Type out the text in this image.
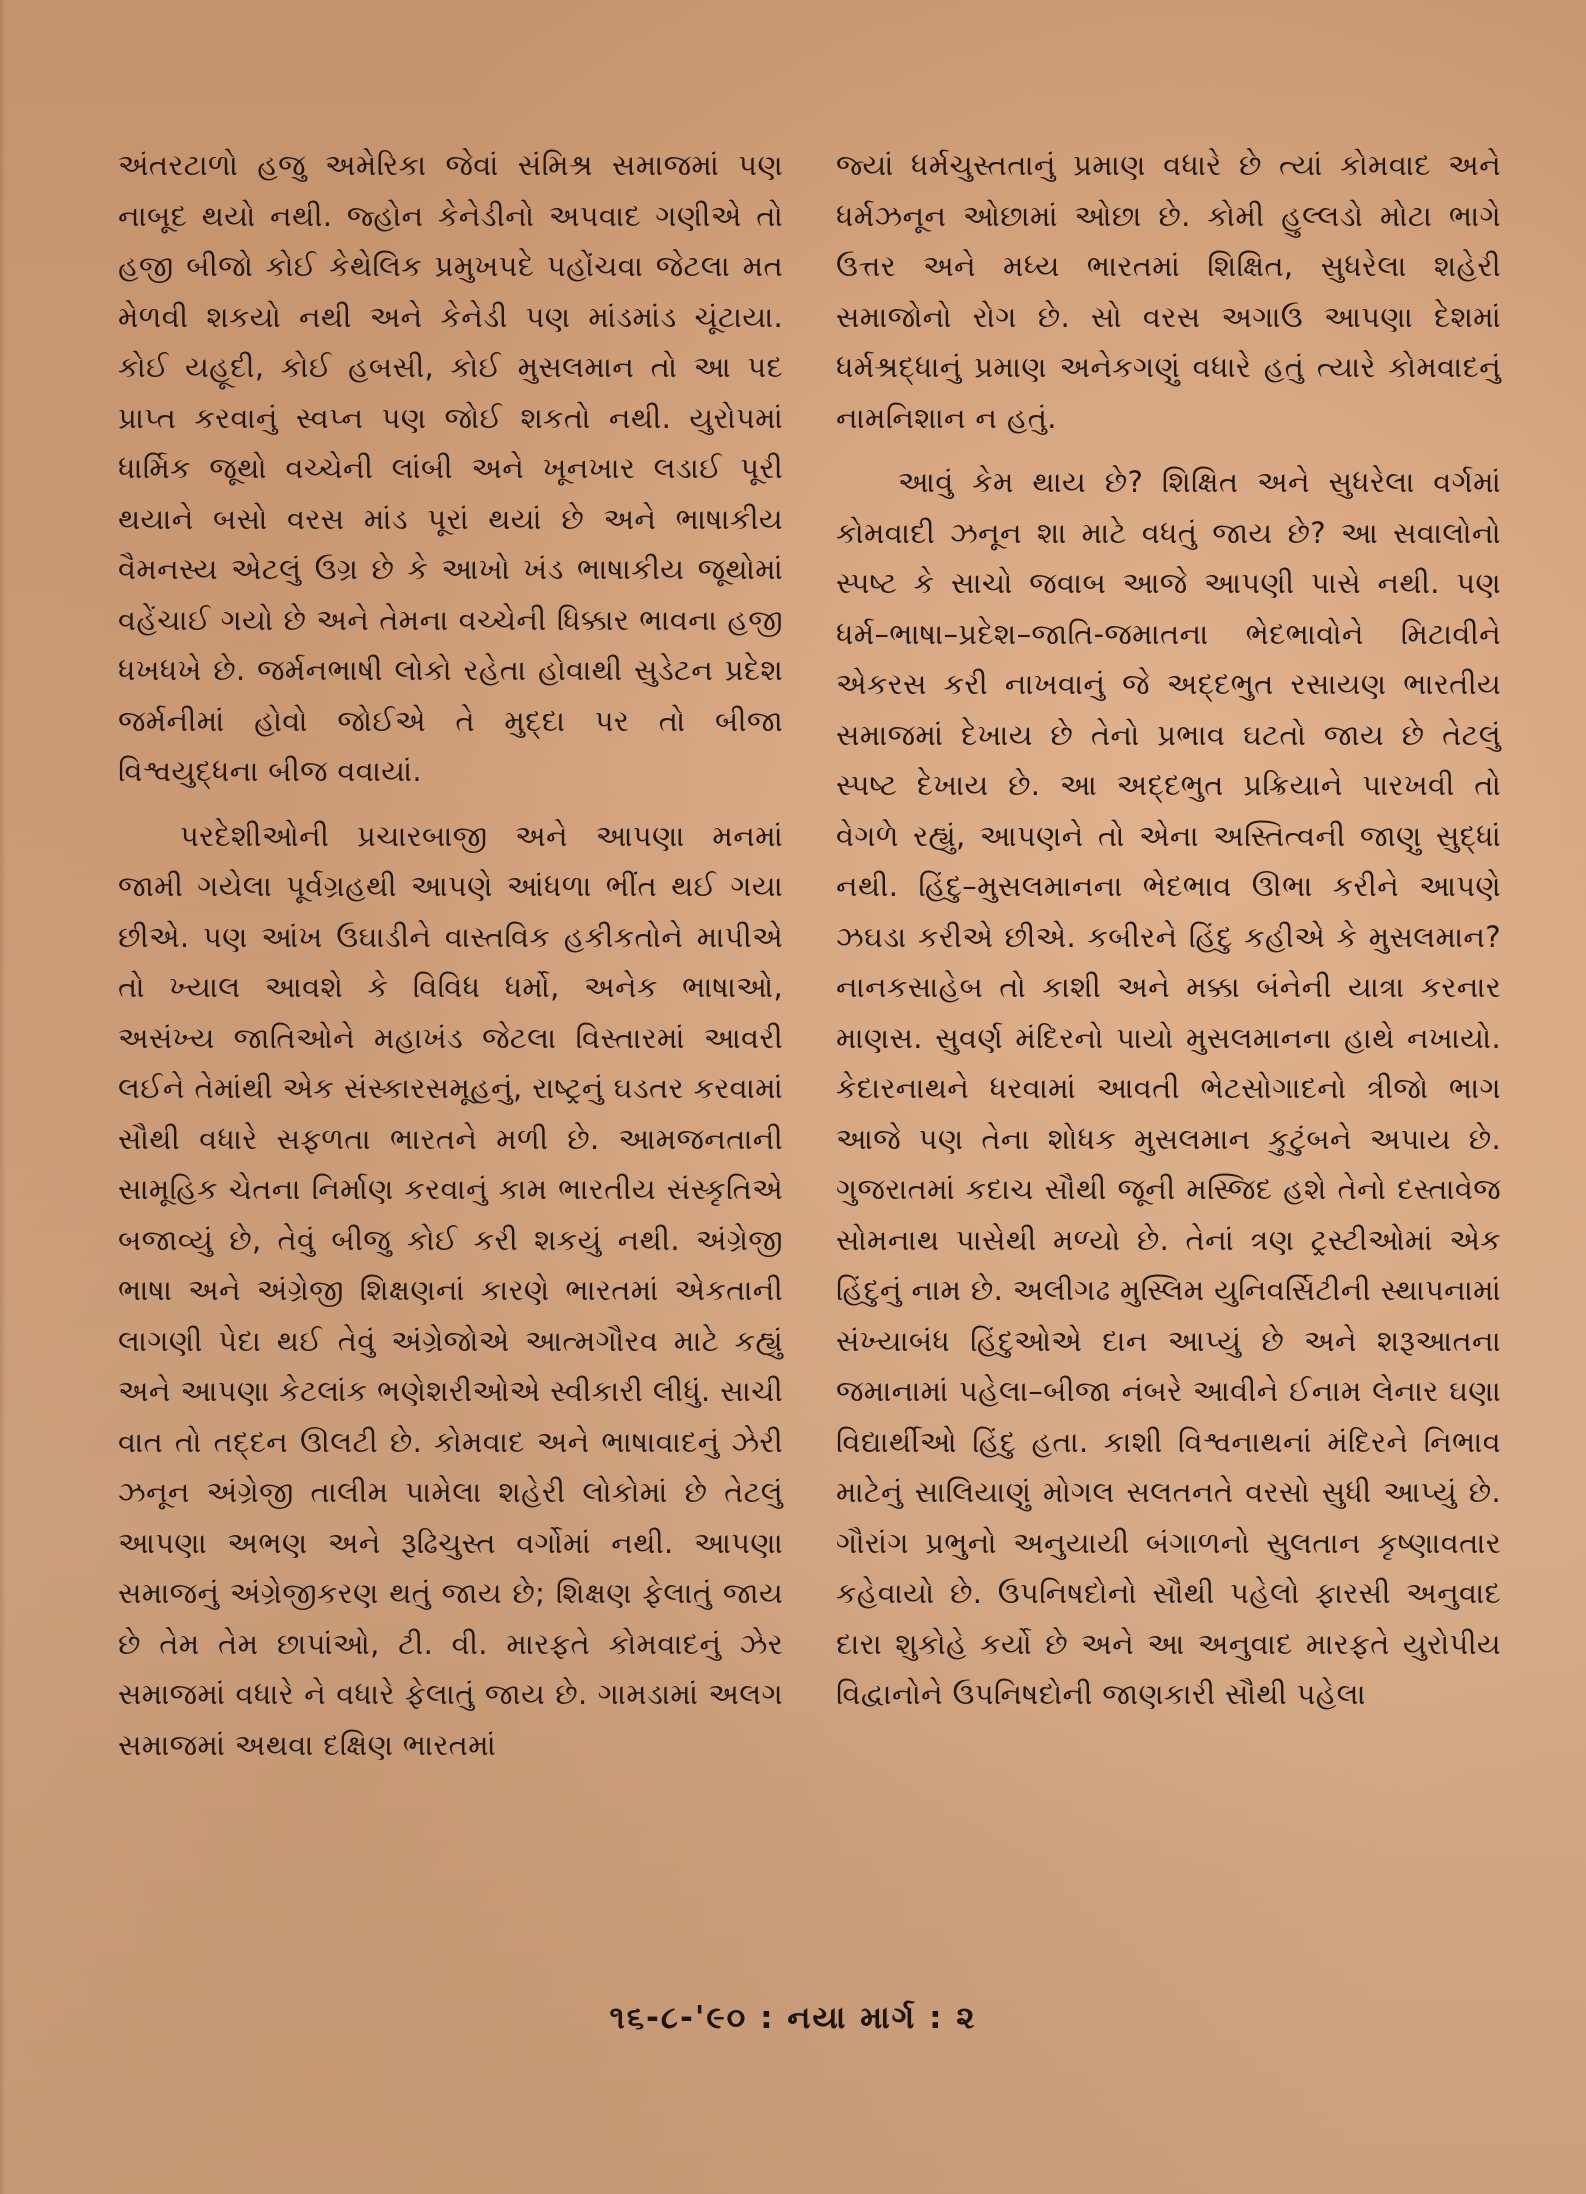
અંતરટાળો હજુ અમેરિકા જેવાં સંમિશ્ર સમાજમાં પણ નાબૂદ થયો નથી. જ્હોન કેનેડીનો અપવાદ ગણીએ તો હજી બીજો કોઈ કેથેલિક પ્રમુખપદે પહોંચવા જેટલા મત મેળવી શકયો નથી અને કેનેડી પણ માંડમાંડ ચૂંટાયા. કોઈ યહૂદી, કોઈ હબસી, કોઈ મુસલમાન તો આ પદ પ્રાપ્ત કરવાનું સ્વપ્ન પણ જોઈ શકતો નથી. યુરોપમાં ધાર્મિક જૂથો વચ્ચેની લાંબી અને ખૂનખાર લડાઈ પૂરી થયાને બસો વરસ માંડ પૂરાં થયાં છે અને ભાષાકીય વૈમનસ્ય એટલું ઉગ્ર છે કે આખો ખંડ ભાષાકીય જૂથોમાં વહેંચાઈ ગયો છે અને તેમના વચ્ચેની ધિક્કાર ભાવના હજી ધખધખે છે. જર્મનભાષી લોકો રહેતા હોવાથી સુડેટન પ્રદેશ જર્મનીમાં હોવો જોઈએ તે મુદ્દા પર તો બીજા વિશ્વયુદ્ધના બીજ વવાયાં.

પરદેશીઓની પ્રચારબાજી અને આપણા મનમાં જામી ગયેલા પૂર્વગ્રહથી આપણે આંધળા ભીંત થઈ ગયા છીએ. પણ આંખ ઉઘાડીને વાસ્તવિક હકીકતોને માપીએ તો ખ્યાલ આવશે કે વિવિધ ધર્મો, અનેક ભાષાઓ, અસંખ્ય જાતિઓને મહાખંડ જેટલા વિસ્તારમાં આવરી લઈને તેમાંથી એક સંસ્કારસમૂહનું, રાષ્ટ્રનું ઘડતર કરવામાં સૌથી વધારે સફળતા ભારતને મળી છે. આમજનતાની સામૂહિક ચેતના નિર્માણ કરવાનું કામ ભારતીય સંસ્કૃતિએ બજાવ્યું છે, તેવું બીજુ કોઈ કરી શકયું નથી. અંગ્રેજી ભાષા અને અંગ્રેજી શિક્ષણનાં કારણે ભારતમાં એકતાની લાગણી પેદા થઈ તેવું અંગ્રેજોએ આત્મગૌરવ માટે કહ્યું અને આપણા કેટલાંક ભણેશરીઓએ સ્વીકારી લીધું. સાચી વાત તો તદ્દન ઊલટી છે. કોમવાદ અને ભાષાવાદનું ઝેરી ઝનૂન અંગ્રેજી તાલીમ પામેલા શહેરી લોકોમાં છે તેટલું આપણા અભણ અને રૂઢિચુસ્ત વર્ગોમાં નથી. આપણા સમાજનું અંગ્રેજીકરણ થતું જાય છે; શિક્ષણ ફેલાતું જાય છે તેમ તેમ છાપાંઓ, ટી. વી. મારફતે કોમવાદનું ઝેર સમાજમાં વધારે ને વધારે ફેલાતું જાય છે. ગામડામાં અલગ સમાજમાં અથવા દક્ષિણ ભારતમાં

જ્યાં ધર્મચુસ્તતાનું પ્રમાણ વધારે છે ત્યાં કોમવાદ અને ધર્મઝનૂન ઓછામાં ઓછા છે. કોમી હુલ્લડો મોટા ભાગે ઉત્તર અને મધ્ય ભારતમાં શિક્ષિત, સુધરેલા શહેરી સમાજોનો રોગ છે. સો વરસ અગાઉ આપણા દેશમાં ધર્મશ્રદ્ધાનું પ્રમાણ અનેકગણું વધારે હતું ત્યારે કોમવાદનું નામનિશાન ન હતું.

આવું કેમ થાય છે? શિક્ષિત અને સુધરેલા વર્ગમાં કોમવાદી ઝનૂન શા માટે વધતું જાય છે? આ સવાલોનો સ્પષ્ટ કે સાચો જવાબ આજે આપણી પાસે નથી. પણ ધર્મ–ભાષા–પ્રદેશ–જાતિ-જમાતના ભેદભાવોને મિટાવીને એકરસ કરી નાખવાનું જે અદ્દભુત રસાયણ ભારતીય સમાજમાં દેખાય છે તેનો પ્રભાવ ઘટતો જાય છે તેટલું સ્પષ્ટ દેખાય છે. આ અદ્દભુત પ્રક્રિયાને પારખવી તો વેગળે રહ્યું, આપણને તો એના અસ્તિત્વની જાણુ સુદ્ધાં નથી. હિંદુ–મુસલમાનના ભેદભાવ ઊભા કરીને આપણે ઝઘડા કરીએ છીએ. કબીરને હિંદુ કહીએ કે મુસલમાન? નાનકસાહેબ તો કાશી અને મક્કા બંનેની યાત્રા કરનાર માણસ. સુવર્ણ મંદિરનો પાયો મુસલમાનના હાથે નખાયો. કેદારનાથને ધરવામાં આવતી ભેટસોગાદનો ત્રીજો ભાગ આજે પણ તેના શોધક મુસલમાન કુટુંબને અપાય છે. ગુજરાતમાં કદાચ સૌથી જૂની મસ્જિદ હશે તેનો દસ્તાવેજ સોમનાથ પાસેથી મળ્યો છે. તેનાં ત્રણ ટ્રસ્ટીઓમાં એક હિંદુનું નામ છે. અલીગઢ મુસ્લિમ યુનિવર્સિટીની સ્થાપનામાં સંખ્યાબંધ હિંદુઓએ દાન આપ્યું છે અને શરૂઆતના જમાનામાં પહેલા–બીજા નંબરે આવીને ઈનામ લેનાર ઘણા વિદ્યાર્થીઓ હિંદુ હતા. કાશી વિશ્વનાથનાં મંદિરને નિભાવ માટેનું સાલિયાણું મોગલ સલતનતે વરસો સુધી આપ્યું છે. ગૌરાંગ પ્રભુનો અનુયાયી બંગાળનો સુલતાન કૃષ્ણાવતાર કહેવાયો છે. ઉપનિષદોનો સૌથી પહેલો ફારસી અનુવાદ દારા શુકોહે કર્યો છે અને આ અનુવાદ મારફતે યુરોપીય વિદ્વાનોને ઉપનિષદોની જાણકારી સૌથી પહેલા

૧૬-૮-'૯૦ : નયા માર્ગ : ૨
